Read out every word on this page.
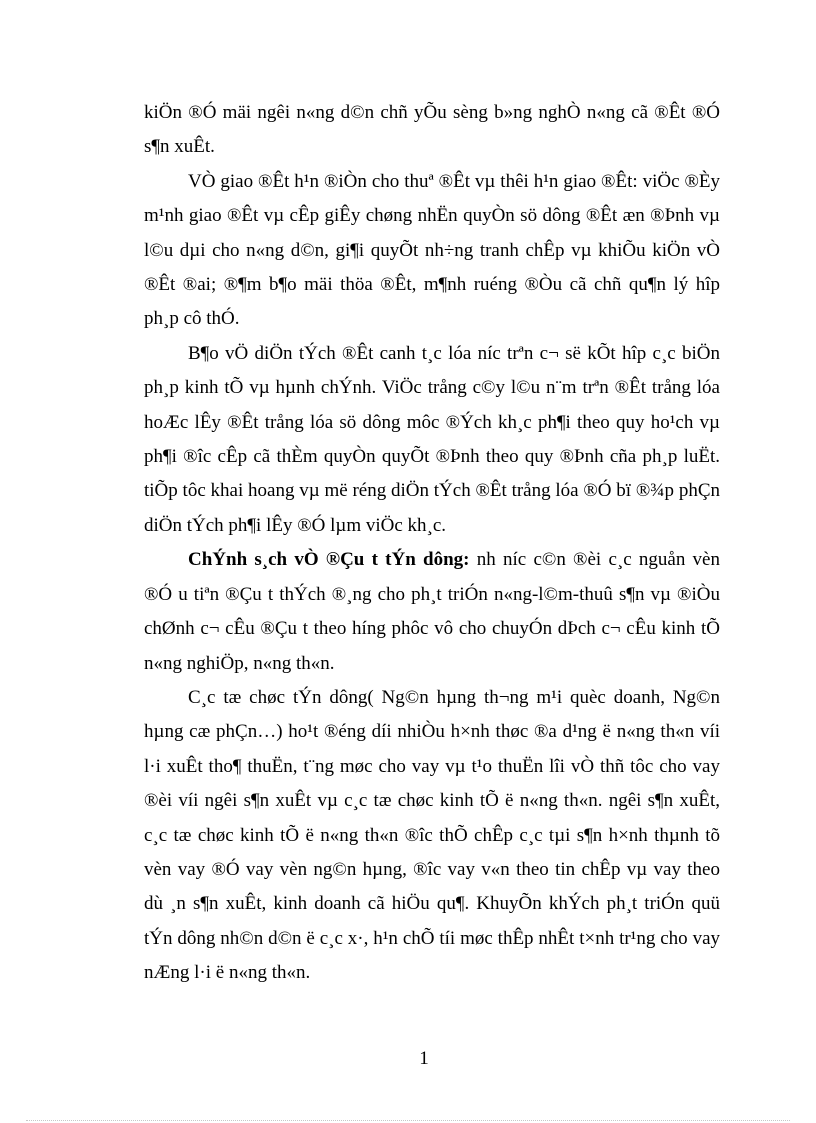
kiÖn ®Ó mäi ngêi n«ng d©n chñ yÕu sèng b»ng nghÒ n«ng cã ®Êt ®Ó s¶n xuÊt.

VÒ giao ®Êt h¹n ®iÒn cho thuª ®Êt vµ thêi h¹n giao ®Êt: viÖc ®Èy m¹nh giao ®Êt vµ cÊp giÊy chøng nhËn quyÒn sö dông ®Êt æn ®Þnh vµ l©u dµi cho n«ng d©n, gi¶i quyÕt nh÷ng tranh chÊp vµ khiÕu kiÖn vÒ ®Êt ®ai; ®¶m b¶o mäi thöa ®Êt, m¶nh ruéng ®Òu cã chñ qu¶n lý hîp ph¸p cô thÓ.

B¶o vÖ diÖn tÝch ®Êt canh t¸c lóa níc trªn c¬ së kÕt hîp c¸c biÖn ph¸p kinh tÕ vµ hµnh chÝnh. ViÖc trång c©y l©u n¨m trªn ®Êt trång lóa hoÆc lÊy ®Êt trång lóa sö dông môc ®Ých kh¸c ph¶i theo quy ho¹ch vµ ph¶i ®îc cÊp cã thÈm quyÒn quyÕt ®Þnh theo quy ®Þnh cña ph¸p luËt. tiÕp tôc khai hoang vµ më réng diÖn tÝch ®Êt trång lóa ®Ó bï ®¾p phÇn diÖn tÝch ph¶i lÊy ®Ó lµm viÖc kh¸c.

ChÝnh s¸ch vÒ ®Çu t tÝn dông: nh níc c©n ®èi c¸c nguån vèn ®Ó u tiªn ®Çu t thÝch ®¸ng cho ph¸t triÓn n«ng-l©m-thuû s¶n vµ ®iÒu chØnh c¬ cÊu ®Çu t theo híng phôc vô cho chuyÓn dÞch c¬ cÊu kinh tÕ n«ng nghiÖp, n«ng th«n.

C¸c tæ chøc tÝn dông( Ng©n hµng th¬ng m¹i quèc doanh, Ng©n hµng cæ phÇn…) ho¹t ®éng díi nhiÒu h×nh thøc ®a d¹ng ë n«ng th«n víi l·i xuÊt tho¶ thuËn, t¨ng møc cho vay vµ t¹o thuËn lîi vÒ thñ tôc cho vay ®èi víi ngêi s¶n xuÊt vµ c¸c tæ chøc kinh tÕ ë n«ng th«n. ngêi s¶n xuÊt, c¸c tæ chøc kinh tÕ ë n«ng th«n ®îc thÕ chÊp c¸c tµi s¶n h×nh thµnh tõ vèn vay ®Ó vay vèn ng©n hµng, ®îc vay v«n theo tin chÊp vµ vay theo dù ¸n s¶n xuÊt, kinh doanh cã hiÖu qu¶. KhuyÕn khÝch ph¸t triÓn quü tÝn dông nh©n d©n ë c¸c x·, h¹n chÕ tíi møc thÊp nhÊt t×nh tr¹ng cho vay nÆng l·i ë n«ng th«n.

1
